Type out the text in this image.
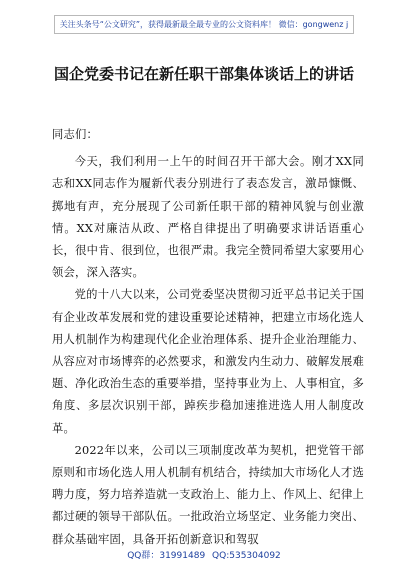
关注头条号“公文研究”，获得最新最全最专业的公文资料库！ 微信：gongwenz j
国企党委书记在新任职干部集体谈话上的讲话

同志们：

今天，我们利用一上午的时间召开干部大会。刚才XX同志和XX同志作为履新代表分别进行了表态发言，激昂慷慨、掷地有声，充分展现了公司新任职干部的精神风貌与创业激情。XX对廉洁从政、严格自律提出了明确要求讲话语重心长，很中肯、很到位，也很严肃。我完全赞同希望大家要用心领会，深入落实。

党的十八大以来，公司党委坚决贯彻习近平总书记关于国有企业改革发展和党的建设重要论述精神，把建立市场化选人用人机制作为构建现代化企业治理体系、提升企业治理能力、从容应对市场博弈的必然要求，和激发内生动力、破解发展难题、净化政治生态的重要举措，坚持事业为上、人事相宜，多角度、多层次识别干部，踔疾步稳加速推进选人用人制度改革。

2022年以来，公司以三项制度改革为契机，把党管干部原则和市场化选人用人机制有机结合，持续加大市场化人才选聘力度，努力培养造就一支政治上、能力上、作风上、纪律上都过硬的领导干部队伍。一批政治立场坚定、业务能力突出、群众基础牢固，具备开拓创新意识和驾驭

QQ群：31991489 QQ:535304092
